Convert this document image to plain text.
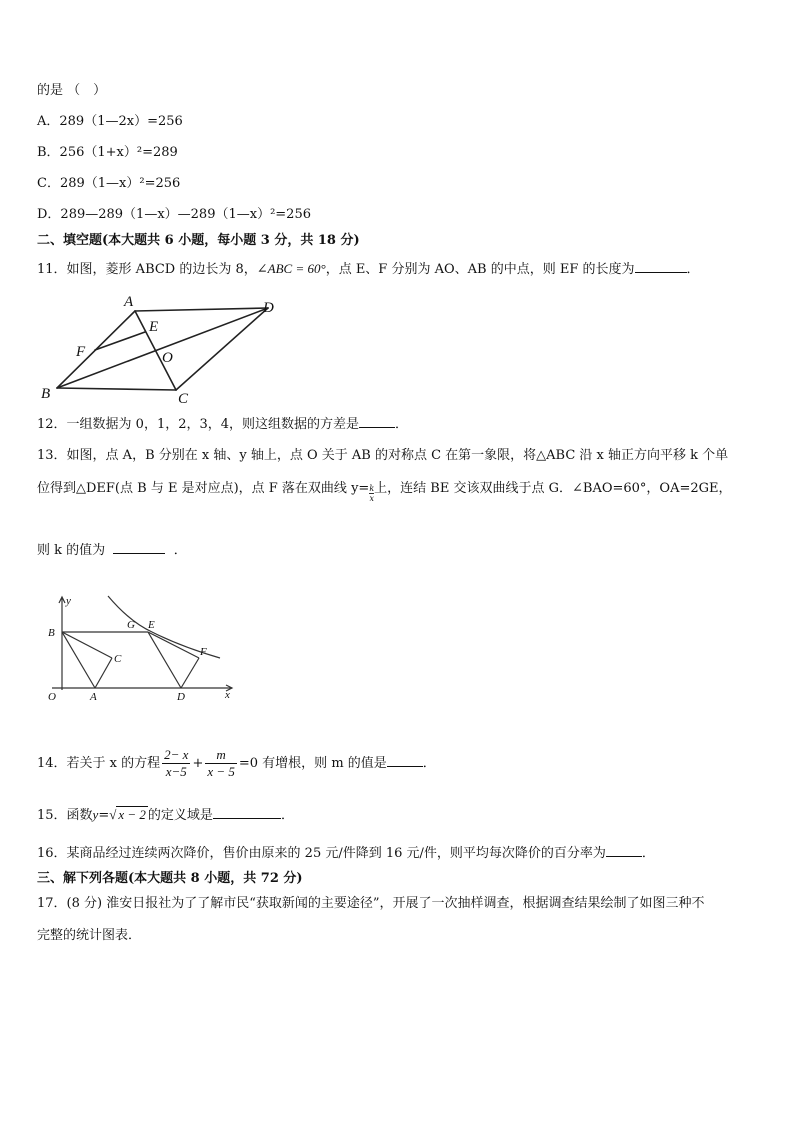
的是 （　）
A．289（1—2x）=256
B．256（1+x）²=289
C．289（1—x）²=256
D．289—289（1—x）—289（1—x）²=256
二、填空题(本大题共 6 小题，每小题 3 分，共 18 分)
11．如图，菱形 ABCD 的边长为 8，∠ABC = 60°，点 E、F 分别为 AO、AB 的中点，则 EF 的长度为	．
A	D
E
F	O
B	C
12．一组数据为 0，1，2，3，4，则这组数据的方差是	．
13．如图，点 A，B 分别在 x 轴、y 轴上，点 O 关于 AB 的对称点 C 在第一象限，将△ABC 沿 x 轴正方向平移 k 个单
位得到△DEF(点 B 与 E 是对应点)，点 F 落在双曲线 $y= \frac{k}{x}$上，连结 BE 交该双曲线于点 G．∠BAO=60°，OA=2GE，
则 k 的值为	．
y
B
G E
C
F
O	A	D	x
14．若关于 x 的方程 $\frac{2- x}{x-5} + \frac{m}{x - 5} =0$ 有增根，则 m 的值是	．
15．函数y=√ x − 2 的定义域是	．
16．某商品经过连续两次降价，售价由原来的 25 元/件降到 16 元/件，则平均每次降价的百分率为	．
三、解下列各题(本大题共 8 小题，共 72 分)
17．(8 分) 淮安日报社为了了解市民“获取新闻的主要途径”，开展了一次抽样调查，根据调查结果绘制了如图三种不
完整的统计图表．
